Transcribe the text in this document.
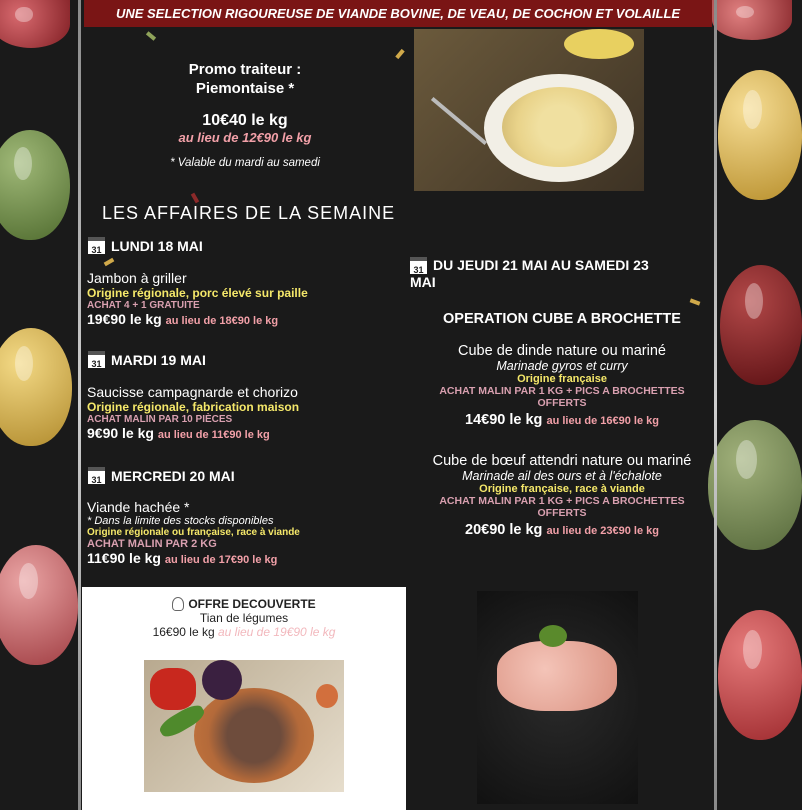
UNE SELECTION RIGOUREUSE DE VIANDE BOVINE, DE VEAU, DE COCHON ET VOLAILLE
Promo traiteur :
Piemontaise *
10€40 le kg
au lieu de 12€90 le kg
* Valable du mardi au samedi
LES AFFAIRES DE LA SEMAINE
31 LUNDI 18 MAI
Jambon à griller
Origine régionale, porc élevé sur paille
ACHAT 4 + 1 GRATUITE
19€90 le kg au lieu de 18€90 le kg
31 MARDI 19 MAI
Saucisse campagnarde et chorizo
Origine régionale, fabrication maison
ACHAT MALIN PAR 10 PIÈCES
9€90 le kg au lieu de 11€90 le kg
31 MERCREDI 20 MAI
Viande hachée *
* Dans la limite des stocks disponibles
Origine régionale ou française, race à viande
ACHAT MALIN PAR 2 KG
11€90 le kg au lieu de 17€90 le kg
31 DU JEUDI 21 MAI AU SAMEDI 23
MAI
OPERATION CUBE A BROCHETTE
Cube de dinde nature ou mariné
Marinade gyros et curry
Origine française
ACHAT MALIN PAR 1 KG + PICS A BROCHETTES
OFFERTS
14€90 le kg au lieu de 16€90 le kg
Cube de bœuf attendri nature ou mariné
Marinade ail des ours et à l'échalote
Origine française, race à viande
ACHAT MALIN PAR 1 KG + PICS A BROCHETTES
OFFERTS
20€90 le kg au lieu de 23€90 le kg
OFFRE DECOUVERTE
Tian de légumes
16€90 le kg au lieu de 19€90 le kg
